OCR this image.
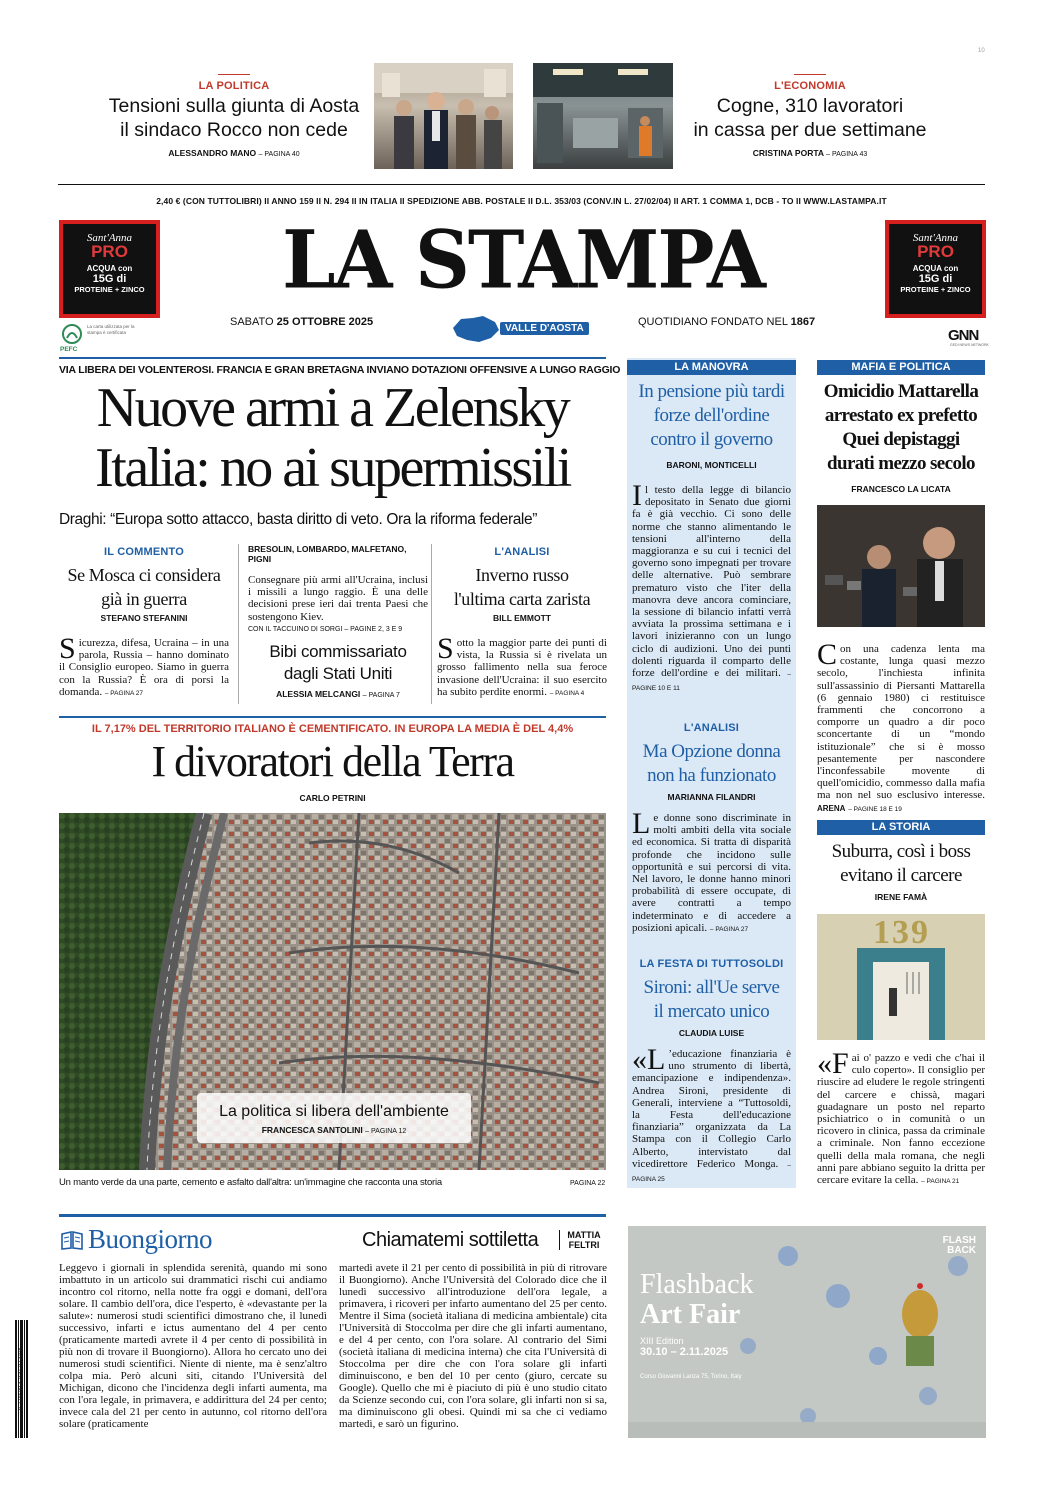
10
LA POLITICA
Tensioni sulla giunta di Aosta
il sindaco Rocco non cede
ALESSANDRO MANO – PAGINA 40
L'ECONOMIA
Cogne, 310 lavoratori
in cassa per due settimane
CRISTINA PORTA – PAGINA 43
2,40 € (CON TUTTOLIBRI) II ANNO 159 II N. 294 II IN ITALIA II SPEDIZIONE ABB. POSTALE II D.L. 353/03 (CONV.IN L. 27/02/04) II ART. 1 COMMA 1, DCB - TO II WWW.LASTAMPA.IT
Sant'Anna
PRO
ACQUA con
15G di
PROTEINE + ZINCO	LA STAMPA	Sant'Anna
PRO
ACQUA con
15G di
PROTEINE + ZINCO
SABATO 25 OTTOBRE 2025
VALLE D'AOSTA
QUOTIDIANO FONDATO NEL 1867
PEFC
La carta utilizzata per la stampa è certificata	GNN
GEDI NEWS NETWORK
VIA LIBERA DEI VOLENTEROSI. FRANCIA E GRAN BRETAGNA INVIANO DOTAZIONI OFFENSIVE A LUNGO RAGGIO
Nuove armi a Zelensky
Italia: no ai supermissili
Draghi: “Europa sotto attacco, basta diritto di veto. Ora la riforma federale”
IL COMMENTO
Se Mosca ci considera
già in guerra
STEFANO STEFANINI
Sicurezza, difesa, Ucraina – in una parola, Russia – hanno dominato il Consiglio europeo. Siamo in guerra con la Russia? È ora di porsi la domanda. – PAGINA 27
BRESOLIN, LOMBARDO, MALFETANO, PIGNI
Consegnare più armi all'Ucraina, inclusi i missili a lungo raggio. È una delle decisioni prese ieri dai trenta Paesi che sostengono Kiev.
CON IL TACCUINO DI SORGI – PAGINE 2, 3 E 9
Bibi commissariato
dagli Stati Uniti
ALESSIA MELCANGI – PAGINA 7
L'ANALISI
Inverno russo
l'ultima carta zarista
BILL EMMOTT
Sotto la maggior parte dei punti di vista, la Russia si è rivelata un grosso fallimento nella sua feroce invasione dell'Ucraina: il suo esercito ha subito perdite enormi. – PAGINA 4
IL 7,17% DEL TERRITORIO ITALIANO È CEMENTIFICATO. IN EUROPA LA MEDIA È DEL 4,4%
I divoratori della Terra
CARLO PETRINI
La politica si libera dell'ambiente
FRANCESCA SANTOLINI – PAGINA 12
Un manto verde da una parte, cemento e asfalto dall'altra: un'immagine che racconta una storia	PAGINA 22
LA MANOVRA
In pensione più tardi
forze dell'ordine
contro il governo
BARONI, MONTICELLI
Il testo della legge di bilancio depositato in Senato due giorni fa è già vecchio. Ci sono delle norme che stanno alimentando le tensioni all'interno della maggioranza e su cui i tecnici del governo sono impegnati per trovare delle alternative. Può sembrare prematuro visto che l'iter della manovra deve ancora cominciare, la sessione di bilancio infatti verrà avviata la prossima settimana e i lavori inizieranno con un lungo ciclo di audizioni. Uno dei punti dolenti riguarda il comparto delle forze dell'ordine e dei militari. – PAGINE 10 E 11
L'ANALISI
Ma Opzione donna
non ha funzionato
MARIANNA FILANDRI
Le donne sono discriminate in molti ambiti della vita sociale ed economica. Si tratta di disparità profonde che incidono sulle opportunità e sui percorsi di vita. Nel lavoro, le donne hanno minori probabilità di essere occupate, di avere contratti a tempo indeterminato e di accedere a posizioni apicali. – PAGINA 27
LA FESTA DI TUTTOSOLDI
Sironi: all'Ue serve
il mercato unico
CLAUDIA LUISE
«L ’educazione finanziaria è uno strumento di libertà, emancipazione e indipendenza». Andrea Sironi, presidente di Generali, interviene a “Tuttosoldi, la Festa dell'educazione finanziaria” organizzata da La Stampa con il Collegio Carlo Alberto, intervistato dal vicedirettore Federico Monga. – PAGINA 25
MAFIA E POLITICA
Omicidio Mattarella
arrestato ex prefetto
Quei depistaggi
durati mezzo secolo
FRANCESCO LA LICATA
Con una cadenza lenta ma costante, lunga quasi mezzo secolo, l'inchiesta infinita sull'assassinio di Piersanti Mattarella (6 gennaio 1980) ci restituisce frammenti che concorrono a comporre un quadro a dir poco sconcertante di un “mondo istituzionale” che si è mosso pesantemente per nascondere l'inconfessabile movente di quell'omicidio, commesso dalla mafia ma non nel suo esclusivo interesse. ARENA – PAGINE 18 E 19
LA STORIA
Suburra, così i boss
evitano il carcere
IRENE FAMÀ
139
«Fai o' pazzo e vedi che c'hai il culo coperto». Il consiglio per riuscire ad eludere le regole stringenti del carcere e chissà, magari guadagnare un posto nel reparto psichiatrico o in comunità o un ricovero in clinica, passa da criminale a criminale. Non fanno eccezione quelli della mala romana, che negli anni pare abbiano seguito la dritta per cercare evitare la cella. – PAGINA 21
Buongiorno	Chiamatemi sottiletta	MATTIA
FELTRI
9 771122 176153 51025
Leggevo i giornali in splendida serenità, quando mi sono imbattuto in un articolo sui drammatici rischi cui andiamo incontro col ritorno, nella notte fra oggi e domani, dell'ora solare. Il cambio dell'ora, dice l'esperto, è «devastante per la salute»: numerosi studi scientifici dimostrano che, il lunedì successivo, infarti e ictus aumentano del 4 per cento (praticamente martedì avrete il 4 per cento di possibilità in più non di trovare il Buongiorno). Allora ho cercato uno dei numerosi studi scientifici. Niente di niente, ma è senz'altro colpa mia. Però alcuni siti, citando l'Università del Michigan, dicono che l'incidenza degli infarti aumenta, ma con l'ora legale, in primavera, e addirittura del 24 per cento; invece cala del 21 per cento in autunno, col ritorno dell'ora solare (praticamente
martedì avete il 21 per cento di possibilità in più di ritrovare il Buongiorno). Anche l'Università del Colorado dice che il lunedì successivo all'introduzione dell'ora legale, a primavera, i ricoveri per infarto aumentano del 25 per cento. Mentre il Sima (società italiana di medicina ambientale) cita l'Università di Stoccolma per dire che gli infarti aumentano, e del 4 per cento, con l'ora solare. Al contrario del Simi (società italiana di medicina interna) che cita l'Università di Stoccolma per dire che con l'ora solare gli infarti diminuiscono, e ben del 10 per cento (giuro, cercate su Google). Quello che mi è piaciuto di più è uno studio citato da Scienze secondo cui, con l'ora solare, gli infarti non si sa, ma diminuiscono gli obesi. Quindi mi sa che ci vediamo martedì, e sarò un figurino.
FLASH
BACK
Flashback
Art Fair
XIII Edition
30.10 – 2.11.2025
Corso Giovanni Lanza 75, Torino, Italy
